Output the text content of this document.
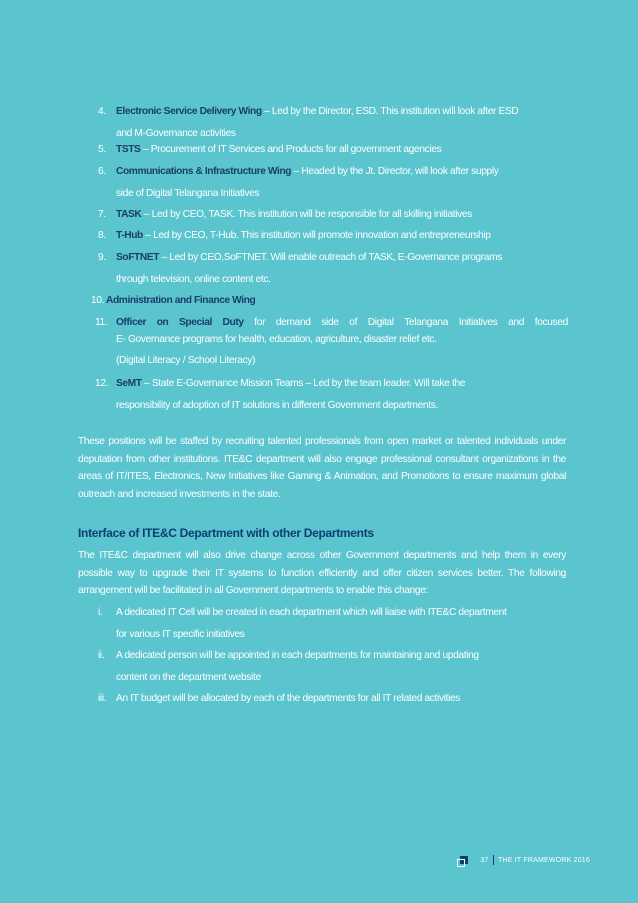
4. Electronic Service Delivery Wing – Led by the Director, ESD. This institution will look after ESD
and M-Governance activities
5. TSTS – Procurement of IT Services and Products for all government agencies
6. Communications & Infrastructure Wing – Headed by the Jt. Director, will look after supply
side of Digital Telangana Initiatives
7. TASK – Led by CEO, TASK. This institution will be responsible for all skilling initiatives
8. T-Hub – Led by CEO, T-Hub. This institution will promote innovation and entrepreneurship
9. SoFTNET – Led by CEO,SoFTNET. Will enable outreach of TASK, E-Governance programs
through television, online content etc.
10. Administration and Finance Wing
11. Officer on Special Duty for demand side of Digital Telangana Initiatives and focused
E- Governance programs for health, education, agriculture, disaster relief etc.
(Digital Literacy / School Literacy)
12. SeMT – State E-Governance Mission Teams – Led by the team leader. Will take the
responsibility of adoption of IT solutions in different Government departments.
These positions will be staffed by recruiting talented professionals from open market or talented individuals under deputation from other institutions. ITE&C department will also engage professional consultant organizations in the areas of IT/ITES, Electronics, New Initiatives like Gaming & Animation, and Promotions to ensure maximum global outreach and increased investments in the state.
Interface of ITE&C Department with other Departments
The ITE&C department will also drive change across other Government departments and help them in every possible way to upgrade their IT systems to function efficiently and offer citizen services better. The following arrangement will be facilitated in all Government departments to enable this change:
i. A dedicated IT Cell will be created in each department which will liaise with ITE&C department
for various IT specific initiatives
ii. A dedicated person will be appointed in each departments for maintaining and updating
content on the department website
iii. An IT budget will be allocated by each of the departments for all IT related activities
37 THE IT FRAMEWORK 2016
